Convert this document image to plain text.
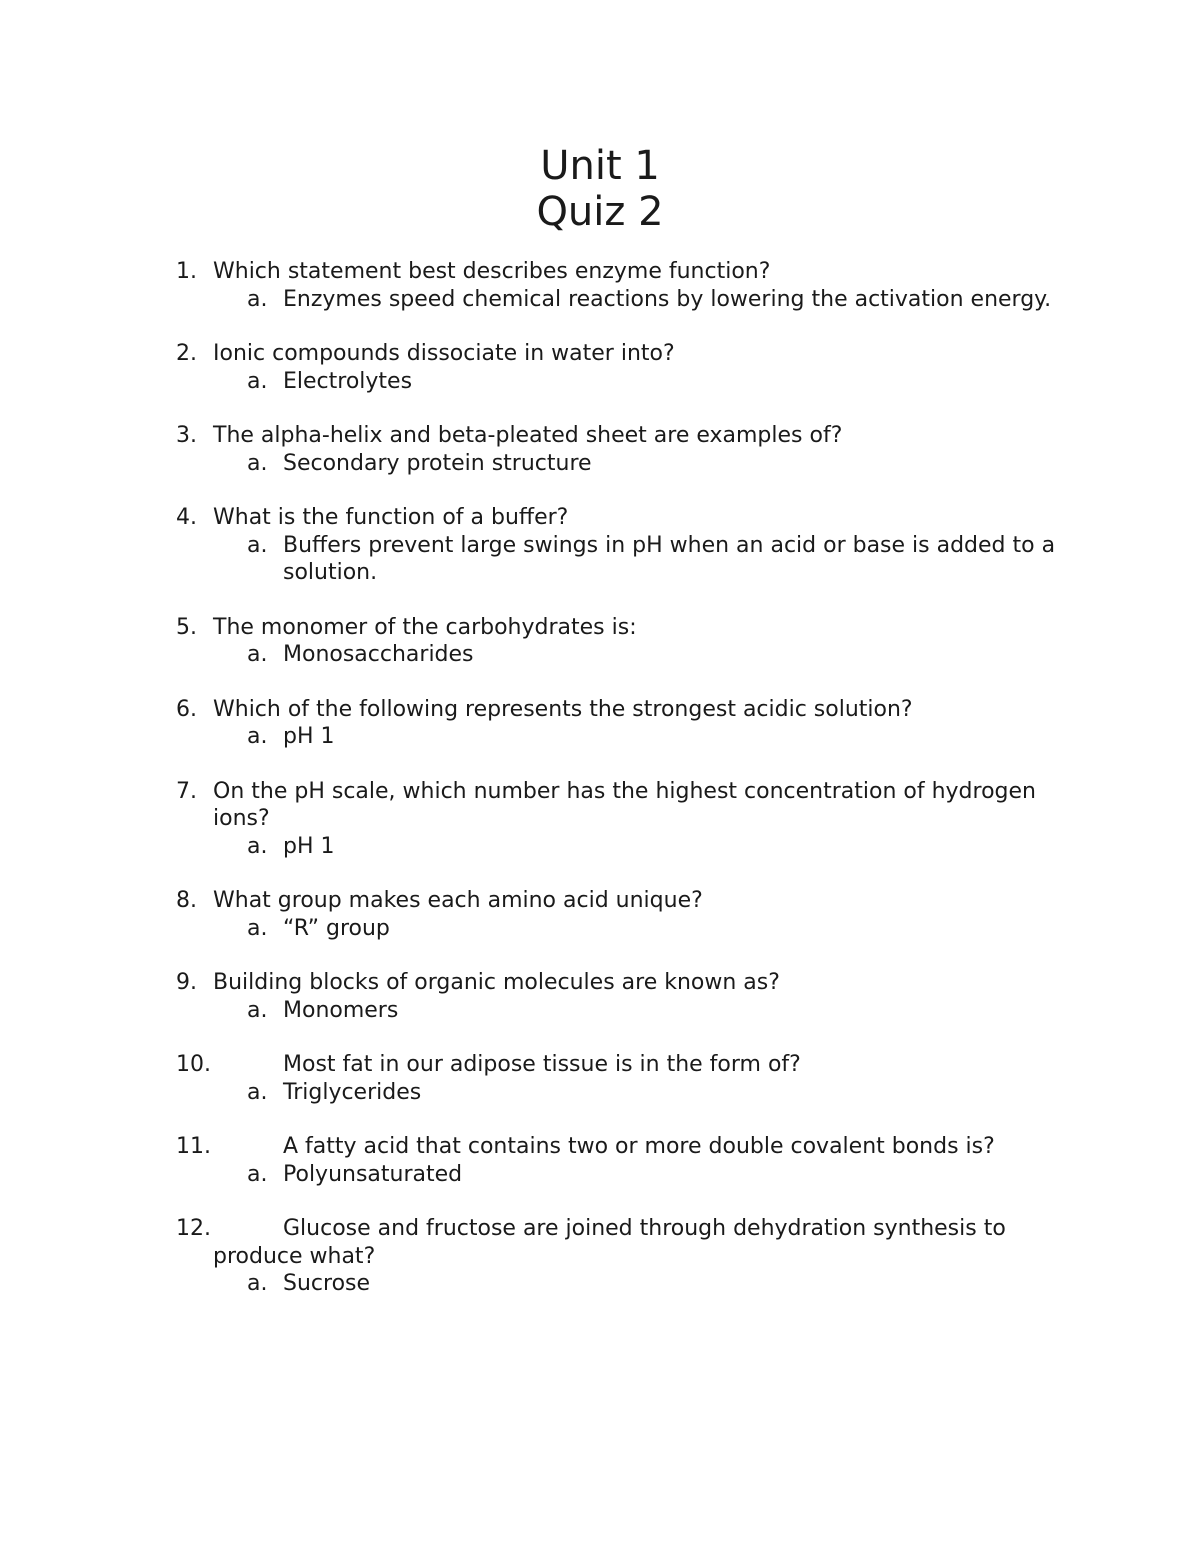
Unit 1
Quiz 2
1. Which statement best describes enzyme function?
a. Enzymes speed chemical reactions by lowering the activation energy.
2. Ionic compounds dissociate in water into?
a. Electrolytes
3. The alpha-helix and beta-pleated sheet are examples of?
a. Secondary protein structure
4. What is the function of a buffer?
a. Buffers prevent large swings in pH when an acid or base is added to a solution.
5. The monomer of the carbohydrates is:
a. Monosaccharides
6. Which of the following represents the strongest acidic solution?
a. pH 1
7. On the pH scale, which number has the highest concentration of hydrogen ions?
a. pH 1
8. What group makes each amino acid unique?
a. “R” group
9. Building blocks of organic molecules are known as?
a. Monomers
10.	Most fat in our adipose tissue is in the form of?
a. Triglycerides
11.	A fatty acid that contains two or more double covalent bonds is?
a. Polyunsaturated
12.	Glucose and fructose are joined through dehydration synthesis to produce what?
a. Sucrose
